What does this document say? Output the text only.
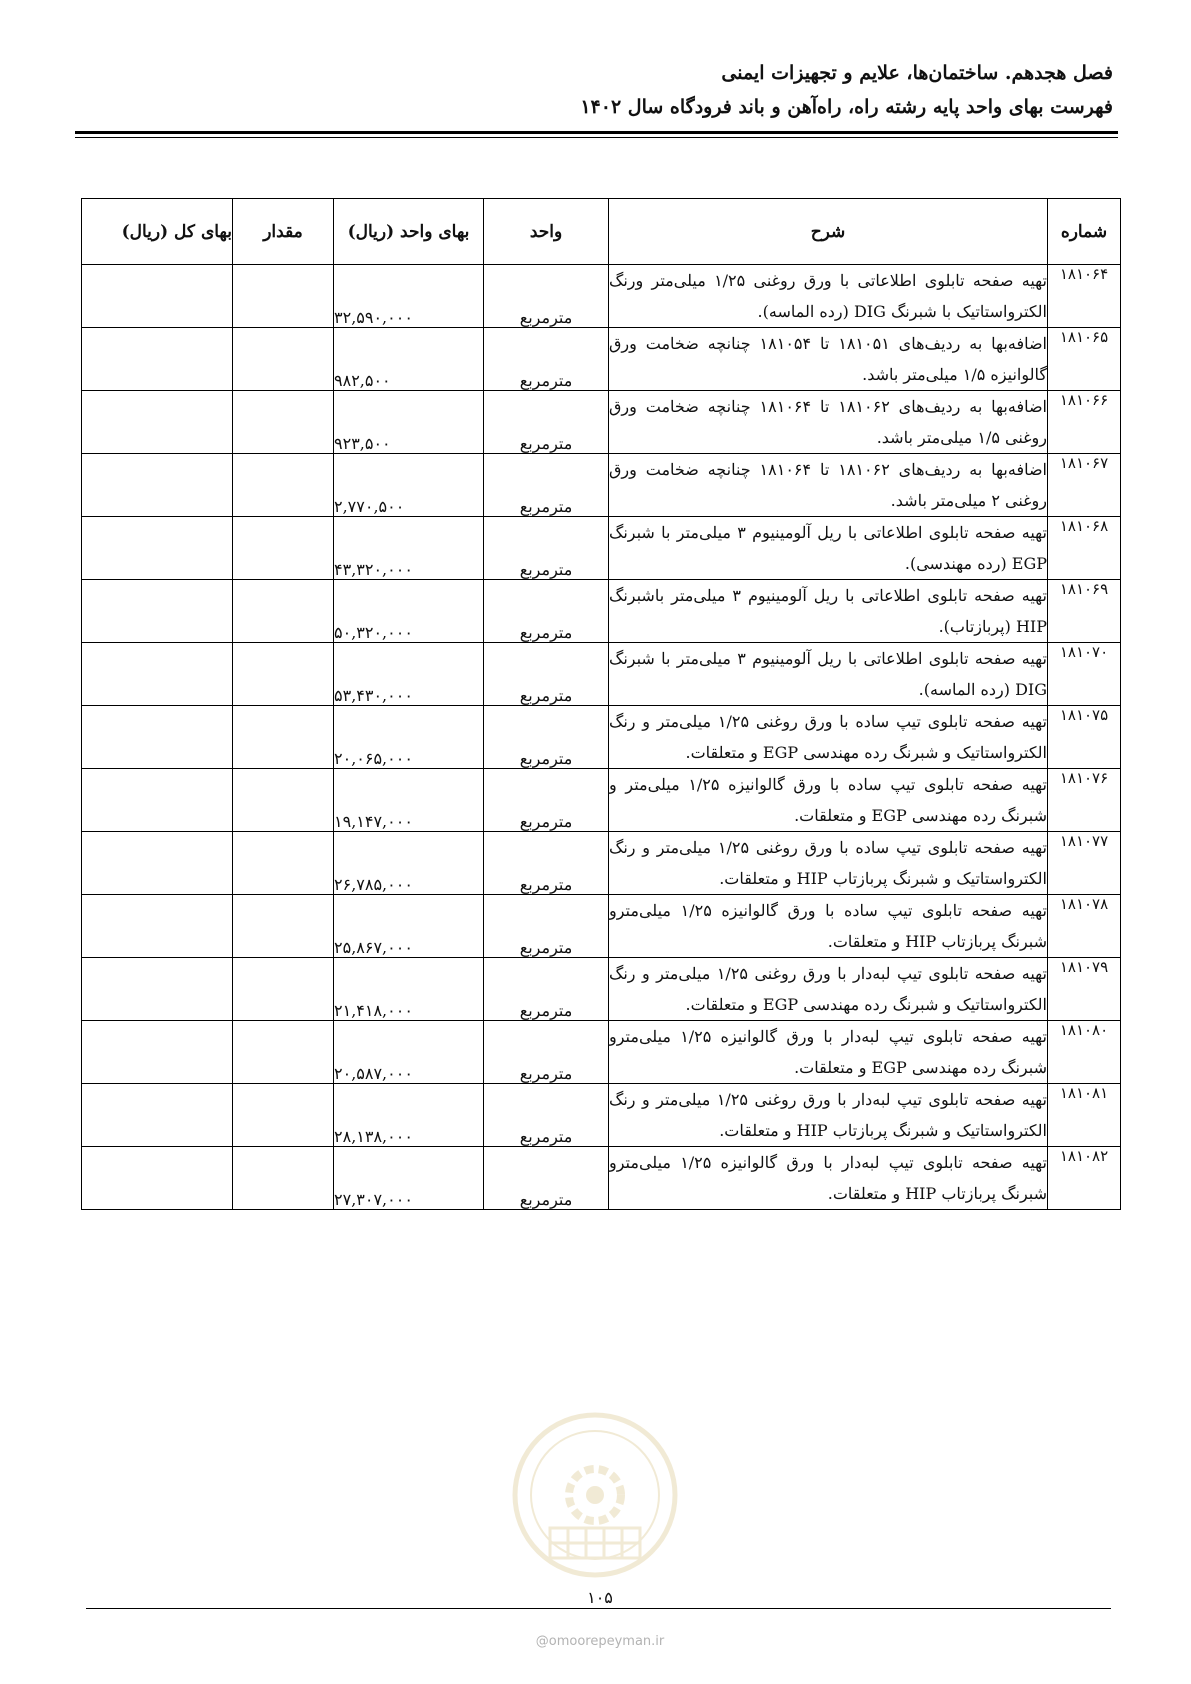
فصل هجدهم. ساختمان‌ها، علایم و تجهیزات ایمنی
فهرست بهای واحد پایه رشته راه، راه‌آهن و باند فرودگاه سال ۱۴۰۲
شماره	شرح	واحد	بهای واحد (ریال)	مقدار	بهای کل (ریال)
۱۸۱۰۶۴	تهیه صفحه تابلوی اطلاعاتی با ورق روغنی ۱/۲۵ میلی‌متر ورنگ الکترواستاتیک با شبرنگ DIG (رده الماسه).	مترمربع	۳۲,۵۹۰,۰۰۰		
۱۸۱۰۶۵	اضافه‌بها به ردیف‌های ۱۸۱۰۵۱ تا ۱۸۱۰۵۴ چنانچه ضخامت ورق گالوانیزه ۱/۵ میلی‌متر باشد.	مترمربع	۹۸۲,۵۰۰		
۱۸۱۰۶۶	اضافه‌بها به ردیف‌های ۱۸۱۰۶۲ تا ۱۸۱۰۶۴ چنانچه ضخامت ورق روغنی ۱/۵ میلی‌متر باشد.	مترمربع	۹۲۳,۵۰۰		
۱۸۱۰۶۷	اضافه‌بها به ردیف‌های ۱۸۱۰۶۲ تا ۱۸۱۰۶۴ چنانچه ضخامت ورق روغنی ۲ میلی‌متر باشد.	مترمربع	۲,۷۷۰,۵۰۰		
۱۸۱۰۶۸	تهیه صفحه تابلوی اطلاعاتی با ریل آلومینیوم ۳ میلی‌متر با شبرنگ EGP (رده مهندسی).	مترمربع	۴۳,۳۲۰,۰۰۰		
۱۸۱۰۶۹	تهیه صفحه تابلوی اطلاعاتی با ریل آلومینیوم ۳ میلی‌متر باشبرنگ HIP (پربازتاب).	مترمربع	۵۰,۳۲۰,۰۰۰		
۱۸۱۰۷۰	تهیه صفحه تابلوی اطلاعاتی با ریل آلومینیوم ۳ میلی‌متر با شبرنگ DIG (رده الماسه).	مترمربع	۵۳,۴۳۰,۰۰۰		
۱۸۱۰۷۵	تهیه صفحه تابلوی تیپ ساده با ورق روغنی ۱/۲۵ میلی‌متر و رنگ الکترواستاتیک و شبرنگ رده مهندسی EGP و متعلقات.	مترمربع	۲۰,۰۶۵,۰۰۰		
۱۸۱۰۷۶	تهیه صفحه تابلوی تیپ ساده با ورق گالوانیزه ۱/۲۵ میلی‌متر و شبرنگ رده مهندسی EGP و متعلقات.	مترمربع	۱۹,۱۴۷,۰۰۰		
۱۸۱۰۷۷	تهیه صفحه تابلوی تیپ ساده با ورق روغنی ۱/۲۵ میلی‌متر و رنگ الکترواستاتیک و شبرنگ پربازتاب HIP و متعلقات.	مترمربع	۲۶,۷۸۵,۰۰۰		
۱۸۱۰۷۸	تهیه صفحه تابلوی تیپ ساده با ورق گالوانیزه ۱/۲۵ میلی‌مترو شبرنگ پربازتاب HIP و متعلقات.	مترمربع	۲۵,۸۶۷,۰۰۰		
۱۸۱۰۷۹	تهیه صفحه تابلوی تیپ لبه‌دار با ورق روغنی ۱/۲۵ میلی‌متر و رنگ الکترواستاتیک و شبرنگ رده مهندسی EGP و متعلقات.	مترمربع	۲۱,۴۱۸,۰۰۰		
۱۸۱۰۸۰	تهیه صفحه تابلوی تیپ لبه‌دار با ورق گالوانیزه ۱/۲۵ میلی‌مترو شبرنگ رده مهندسی EGP و متعلقات.	مترمربع	۲۰,۵۸۷,۰۰۰		
۱۸۱۰۸۱	تهیه صفحه تابلوی تیپ لبه‌دار با ورق روغنی ۱/۲۵ میلی‌متر و رنگ الکترواستاتیک و شبرنگ پربازتاب HIP و متعلقات.	مترمربع	۲۸,۱۳۸,۰۰۰		
۱۸۱۰۸۲	تهیه صفحه تابلوی تیپ لبه‌دار با ورق گالوانیزه ۱/۲۵ میلی‌مترو شبرنگ پربازتاب HIP و متعلقات.	مترمربع	۲۷,۳۰۷,۰۰۰		
۱۰۵
@omoorepeyman.ir
